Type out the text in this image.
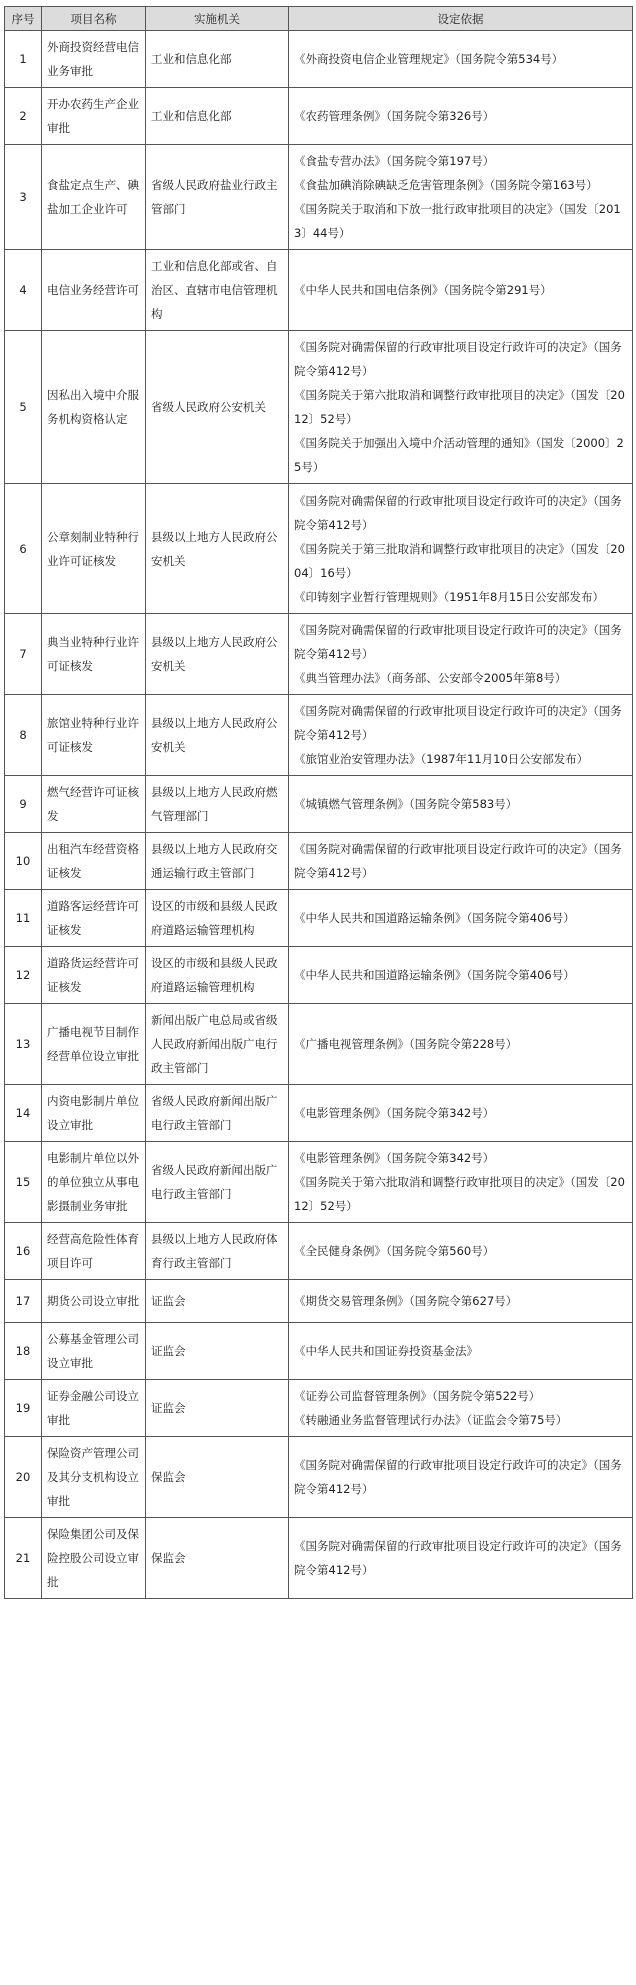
序号	项目名称	实施机关	设定依据
1	外商投资经营电信业务审批	工业和信息化部	《外商投资电信企业管理规定》（国务院令第534号）

2	开办农药生产企业审批	工业和信息化部	《农药管理条例》（国务院令第326号）

3	食盐定点生产、碘盐加工企业许可	省级人民政府盐业行政主管部门	《食盐专营办法》（国务院令第197号）
《食盐加碘消除碘缺乏危害管理条例》（国务院令第163号）
《国务院关于取消和下放一批行政审批项目的决定》（国发〔2013〕44号）

4	电信业务经营许可	工业和信息化部或省、自治区、直辖市电信管理机构	《中华人民共和国电信条例》（国务院令第291号）

5	因私出入境中介服务机构资格认定	省级人民政府公安机关	《国务院对确需保留的行政审批项目设定行政许可的决定》（国务院令第412号）
《国务院关于第六批取消和调整行政审批项目的决定》（国发〔2012〕52号）
《国务院关于加强出入境中介活动管理的通知》（国发〔2000〕25号）

6	公章刻制业特种行业许可证核发	县级以上地方人民政府公安机关	《国务院对确需保留的行政审批项目设定行政许可的决定》（国务院令第412号）
《国务院关于第三批取消和调整行政审批项目的决定》（国发〔2004〕16号）
《印铸刻字业暂行管理规则》（1951年8月15日公安部发布）

7	典当业特种行业许可证核发	县级以上地方人民政府公安机关	《国务院对确需保留的行政审批项目设定行政许可的决定》（国务院令第412号）
《典当管理办法》（商务部、公安部令2005年第8号）

8	旅馆业特种行业许可证核发	县级以上地方人民政府公安机关	《国务院对确需保留的行政审批项目设定行政许可的决定》（国务院令第412号）
《旅馆业治安管理办法》（1987年11月10日公安部发布）

9	燃气经营许可证核发	县级以上地方人民政府燃气管理部门	《城镇燃气管理条例》（国务院令第583号）

10	出租汽车经营资格证核发	县级以上地方人民政府交通运输行政主管部门	《国务院对确需保留的行政审批项目设定行政许可的决定》（国务院令第412号）

11	道路客运经营许可证核发	设区的市级和县级人民政府道路运输管理机构	《中华人民共和国道路运输条例》（国务院令第406号）

12	道路货运经营许可证核发	设区的市级和县级人民政府道路运输管理机构	《中华人民共和国道路运输条例》（国务院令第406号）

13	广播电视节目制作经营单位设立审批	新闻出版广电总局或省级人民政府新闻出版广电行政主管部门	《广播电视管理条例》（国务院令第228号）

14	内资电影制片单位设立审批	省级人民政府新闻出版广电行政主管部门	《电影管理条例》（国务院令第342号）

15	电影制片单位以外的单位独立从事电影摄制业务审批	省级人民政府新闻出版广电行政主管部门	《电影管理条例》（国务院令第342号）
《国务院关于第六批取消和调整行政审批项目的决定》（国发〔2012〕52号）

16	经营高危险性体育项目许可	县级以上地方人民政府体育行政主管部门	《全民健身条例》（国务院令第560号）

17	期货公司设立审批	证监会	《期货交易管理条例》（国务院令第627号）

18	公募基金管理公司设立审批	证监会	《中华人民共和国证券投资基金法》

19	证券金融公司设立审批	证监会	《证券公司监督管理条例》（国务院令第522号）
《转融通业务监督管理试行办法》（证监会令第75号）

20	保险资产管理公司及其分支机构设立审批	保监会	《国务院对确需保留的行政审批项目设定行政许可的决定》（国务院令第412号）

21	保险集团公司及保险控股公司设立审批	保监会	《国务院对确需保留的行政审批项目设定行政许可的决定》（国务院令第412号）
